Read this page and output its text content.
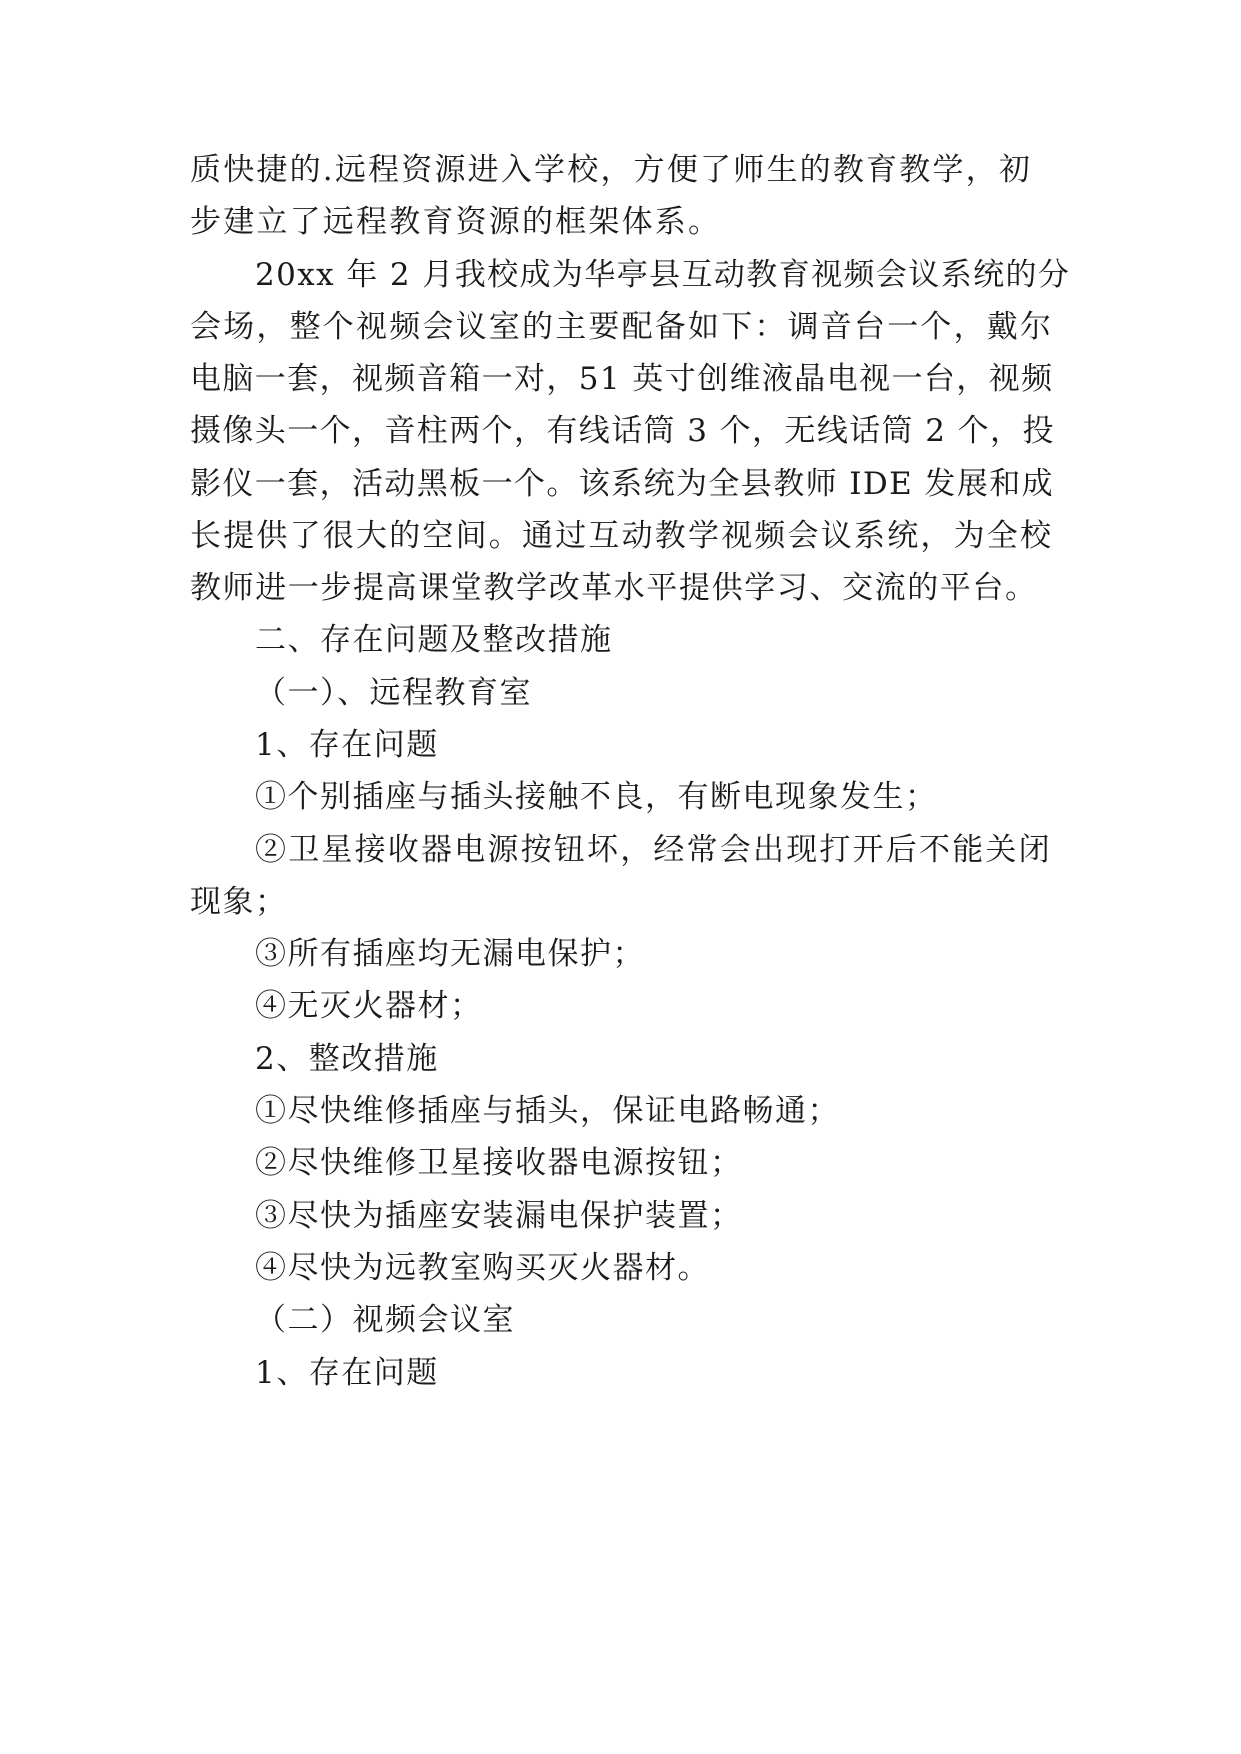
质快捷的.远程资源进入学校，方便了师生的教育教学，初
步建立了远程教育资源的框架体系。
20xx 年 2 月我校成为华亭县互动教育视频会议系统的分
会场，整个视频会议室的主要配备如下：调音台一个，戴尔
电脑一套，视频音箱一对，51 英寸创维液晶电视一台，视频
摄像头一个，音柱两个，有线话筒 3 个，无线话筒 2 个，投
影仪一套，活动黑板一个。该系统为全县教师 IDE 发展和成
长提供了很大的空间。通过互动教学视频会议系统，为全校
教师进一步提高课堂教学改革水平提供学习、交流的平台。
二、存在问题及整改措施
（一）、远程教育室
1、存在问题
①个别插座与插头接触不良，有断电现象发生；
②卫星接收器电源按钮坏，经常会出现打开后不能关闭
现象；
③所有插座均无漏电保护；
④无灭火器材；
2、整改措施
①尽快维修插座与插头，保证电路畅通；
②尽快维修卫星接收器电源按钮；
③尽快为插座安装漏电保护装置；
④尽快为远教室购买灭火器材。
（二）视频会议室
1、存在问题
